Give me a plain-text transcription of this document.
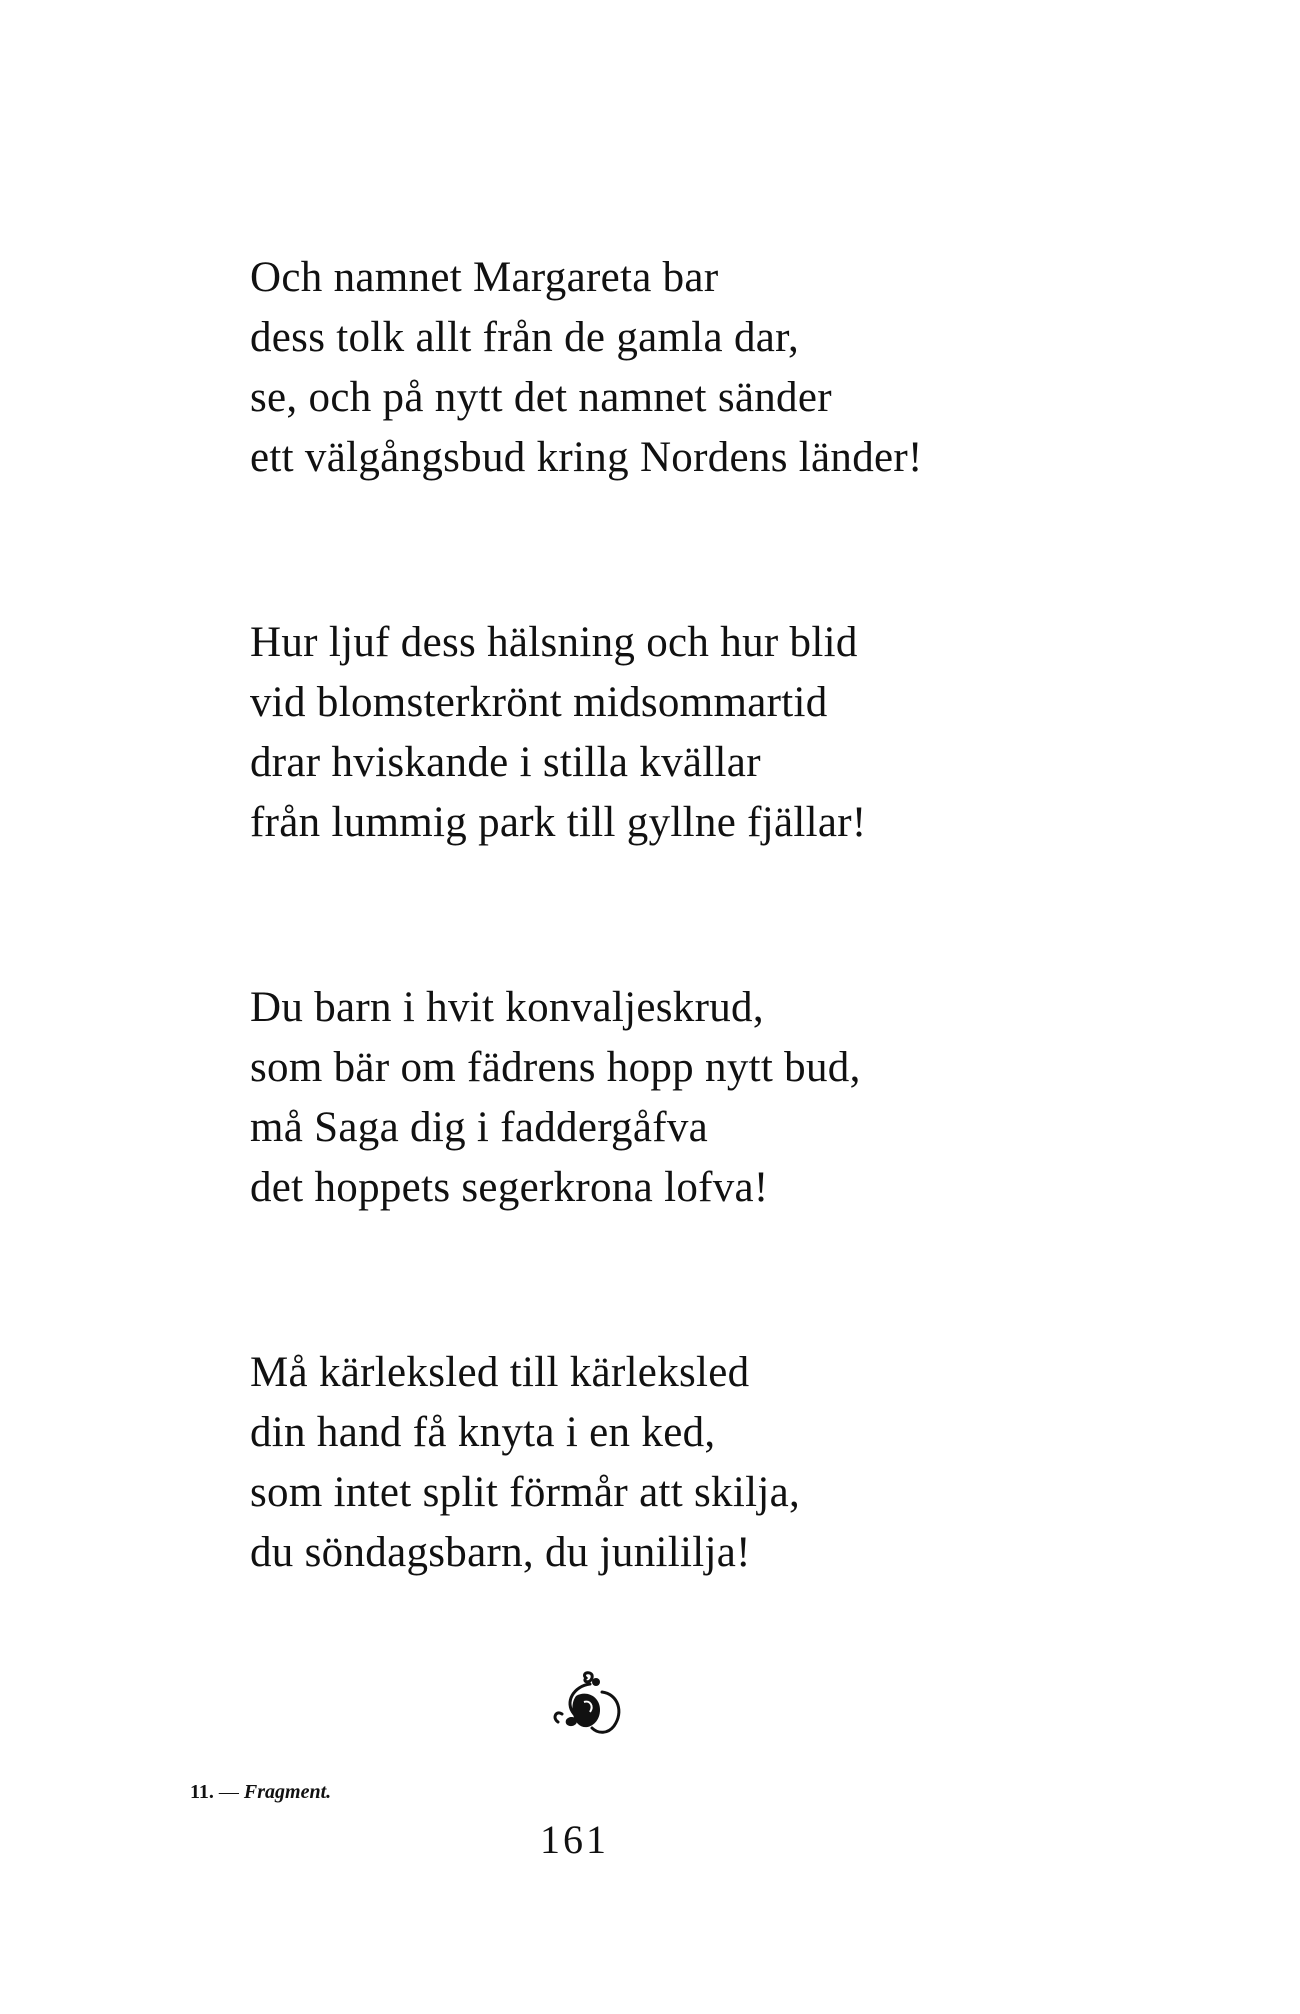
Och namnet Margareta bar
dess tolk allt från de gamla dar,
se, och på nytt det namnet sänder
ett välgångsbud kring Nordens länder!
Hur ljuf dess hälsning och hur blid
vid blomsterkrönt midsommartid
drar hviskande i stilla kvällar
från lummig park till gyllne fjällar!
Du barn i hvit konvaljeskrud,
som bär om fädrens hopp nytt bud,
må Saga dig i faddergåfva
det hoppets segerkrona lofva!
Må kärleksled till kärleksled
din hand få knyta i en ked,
som intet split förmår att skilja,
du söndagsbarn, du junililja!
11. — Fragment.
161
